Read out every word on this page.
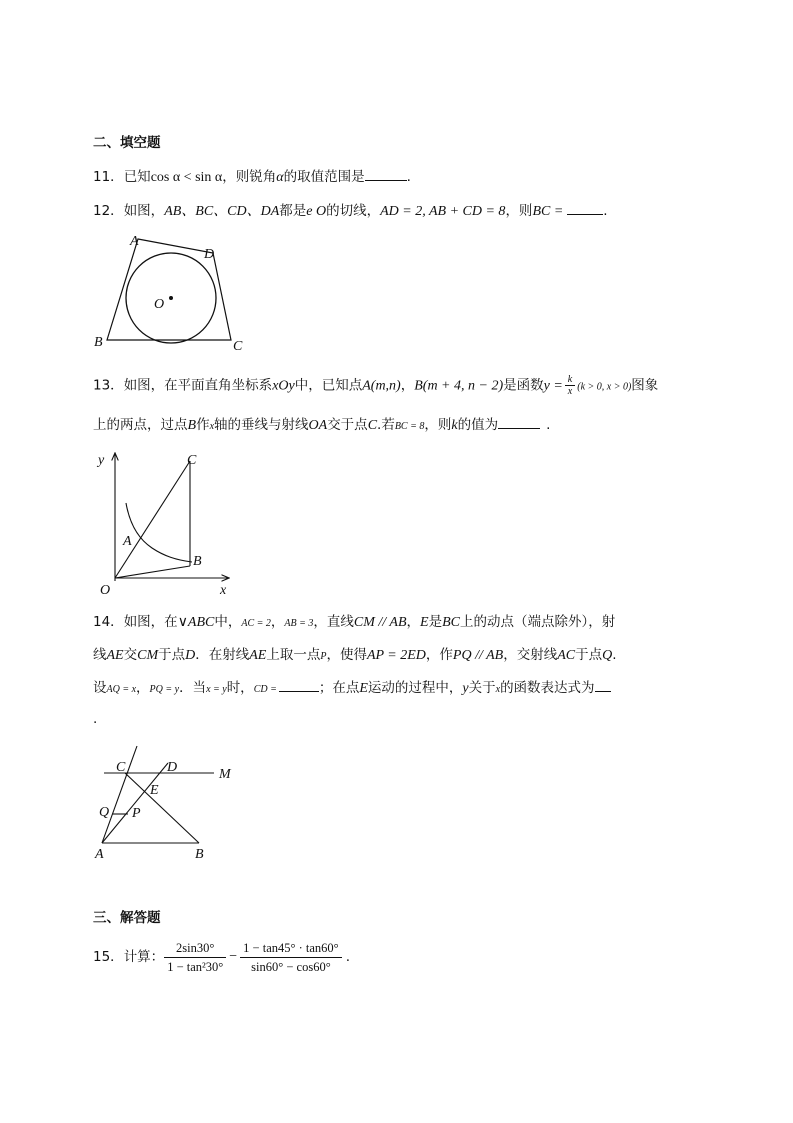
二、填空题
11．已知cos α < sin α，则锐角α的取值范围是	.
12．如图，AB、BC、CD、DA都是e O的切线，AD = 2, AB + CD = 8，则BC =	.
A
D
O
B	C
13．如图，在平面直角坐标系xOy中，已知点A(m,n)，B(m + 4, n − 2)是函数$y = \frac{k}{x} (k > 0$, x > 0)图象
上的两点，过点B作x轴的垂线与射线OA交于点C.若BC = 8，则k的值为	.
y
x
O
A
B
C
14．如图，在∨ABC中，AC = 2，AB = 3，直线CM // AB，E是BC上的动点（端点除外），射
线AE交CM于点D．在射线AE上取一点P，使得AP = 2ED，作PQ // AB，交射线AC于点Q.
设AQ = x，PQ = y．当x = y时，CD =	；在点E运动的过程中，y关于x的函数表达式为
.
C	D	M
E
Q P
A	B
三、解答题
15．计算： $\frac{2\sin 30^\circ}{\text{1 − tan²30°}} - \frac{1 - \tan 45^\circ \cdot \tan 60^\circ}{\sin 60^\circ - \cos 60^\circ}$ .
